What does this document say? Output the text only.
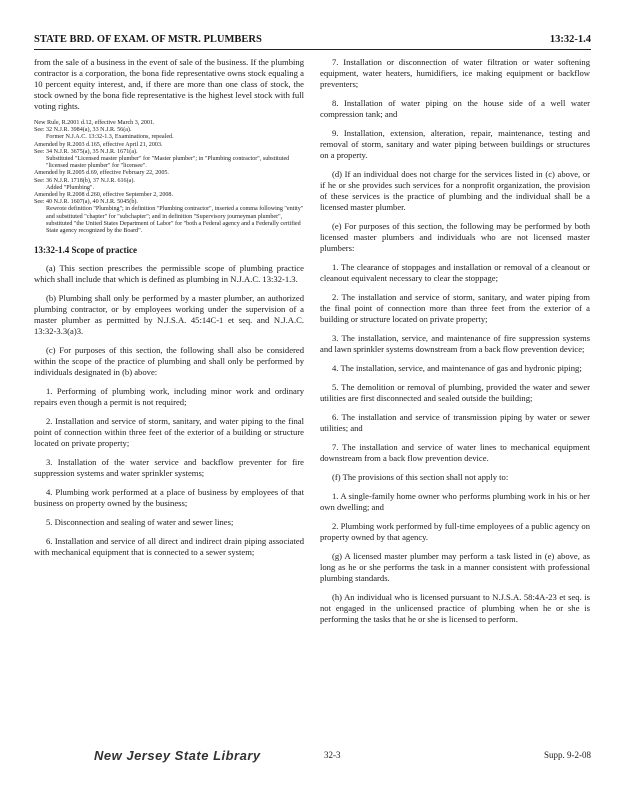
STATE BRD. OF EXAM. OF MSTR. PLUMBERS	13:32-1.4

from the sale of a business in the event of sale of the business. If the plumbing contractor is a corporation, the bona fide representative owns stock equaling a 10 percent equity interest, and, if there are more than one class of stock, the stock owned by the bona fide representative is the highest level stock with full voting rights.

New Rule, R.2001 d.12, effective March 3, 2001.

See: 32 N.J.R. 3984(a), 33 N.J.R. 56(a).

Former N.J.A.C. 13:32-1.3, Examinations, repealed.

Amended by R.2003 d.165, effective April 21, 2003.

See: 34 N.J.R. 3675(a), 35 N.J.R. 1671(a).

Substituted "Licensed master plumber" for "Master plumber"; in "Plumbing contractor", substituted "licensed master plumber" for "licensee".

Amended by R.2005 d.69, effective February 22, 2005.

See: 36 N.J.R. 1718(b), 37 N.J.R. 616(a).

Added "Plumbing".

Amended by R.2008 d.260, effective September 2, 2008.

See: 40 N.J.R. 1607(a), 40 N.J.R. 5045(b).

Rewrote definition "Plumbing"; in definition "Plumbing contractor", inserted a comma following "entity" and substituted "chapter" for "subchapter"; and in definition "Supervisory journeyman plumber", substituted "the United States Department of Labor" for "both a Federal agency and a Federally certified State agency recognized by the Board".

13:32-1.4 Scope of practice

(a) This section prescribes the permissible scope of plumbing practice which shall include that which is defined as plumbing in N.J.A.C. 13:32-1.3.

(b) Plumbing shall only be performed by a master plumber, an authorized plumbing contractor, or by employees working under the supervision of a master plumber as permitted by N.J.S.A. 45:14C-1 et seq. and N.J.A.C. 13:32-3.3(a)3.

(c) For purposes of this section, the following shall also be considered within the scope of the practice of plumbing and shall only be performed by individuals designated in (b) above:

1. Performing of plumbing work, including minor work and ordinary repairs even though a permit is not required;

2. Installation and service of storm, sanitary, and water piping to the final point of connection within three feet of the exterior of a building or structure located on private property;

3. Installation of the water service and backflow preventer for fire suppression systems and water sprinkler systems;

4. Plumbing work performed at a place of business by employees of that business on property owned by the business;

5. Disconnection and sealing of water and sewer lines;

6. Installation and service of all direct and indirect drain piping associated with mechanical equipment that is connected to a sewer system;

7. Installation or disconnection of water filtration or water softening equipment, water heaters, humidifiers, ice making equipment or backflow preventers;

8. Installation of water piping on the house side of a well water compression tank; and

9. Installation, extension, alteration, repair, maintenance, testing and removal of storm, sanitary and water piping between buildings or structures on a property.

(d) If an individual does not charge for the services listed in (c) above, or if he or she provides such services for a nonprofit organization, the provision of these services is the practice of plumbing and the individual shall be a licensed master plumber.

(e) For purposes of this section, the following may be performed by both licensed master plumbers and individuals who are not licensed master plumbers:

1. The clearance of stoppages and installation or removal of a cleanout or cleanout equivalent necessary to clear the stoppage;

2. The installation and service of storm, sanitary, and water piping from the final point of connection more than three feet from the exterior of a building or structure located on private property;

3. The installation, service, and maintenance of fire suppression systems and lawn sprinkler systems downstream from a back flow prevention device;

4. The installation, service, and maintenance of gas and hydronic piping;

5. The demolition or removal of plumbing, provided the water and sewer utilities are first disconnected and sealed outside the building;

6. The installation and service of transmission piping by water or sewer utilities; and

7. The installation and service of water lines to mechanical equipment downstream from a back flow prevention device.

(f) The provisions of this section shall not apply to:

1. A single-family home owner who performs plumbing work in his or her own dwelling; and

2. Plumbing work performed by full-time employees of a public agency on property owned by that agency.

(g) A licensed master plumber may perform a task listed in (e) above, as long as he or she performs the task in a manner consistent with professional plumbing standards.

(h) An individual who is licensed pursuant to N.J.S.A. 58:4A-23 et seq. is not engaged in the unlicensed practice of plumbing when he or she is performing the tasks that he or she is licensed to perform.

New Jersey State Library	32-3	Supp. 9-2-08
